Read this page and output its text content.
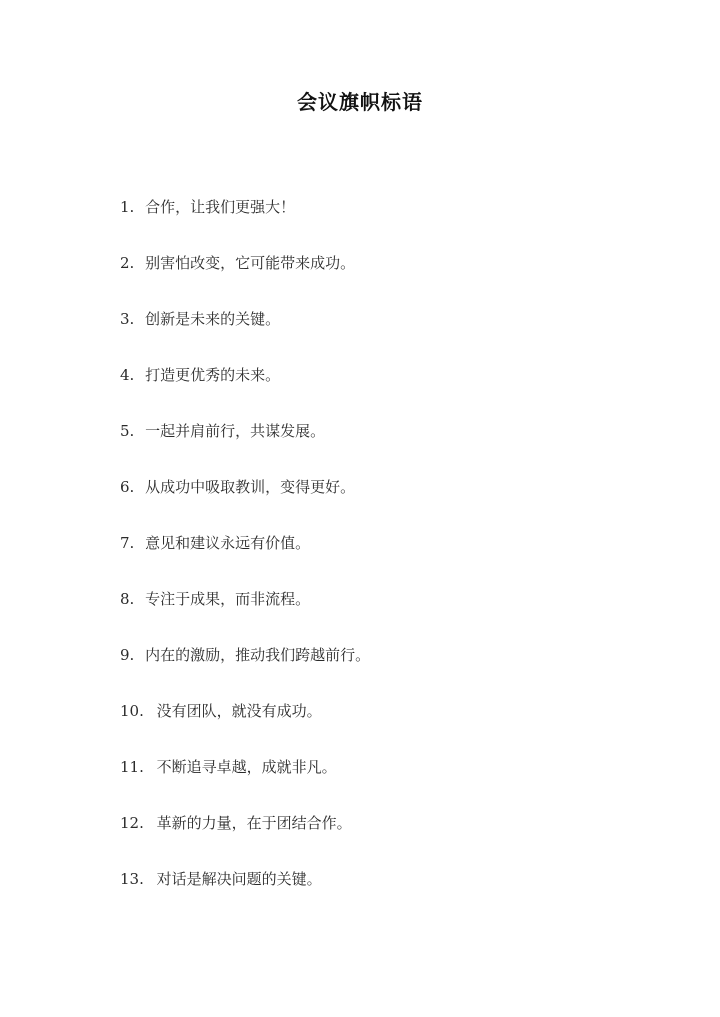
会议旗帜标语
1. 合作，让我们更强大！
2. 别害怕改变，它可能带来成功。
3. 创新是未来的关键。
4. 打造更优秀的未来。
5. 一起并肩前行，共谋发展。
6. 从成功中吸取教训，变得更好。
7. 意见和建议永远有价值。
8. 专注于成果，而非流程。
9. 内在的激励，推动我们跨越前行。
10. 没有团队，就没有成功。
11. 不断追寻卓越，成就非凡。
12. 革新的力量，在于团结合作。
13. 对话是解决问题的关键。
